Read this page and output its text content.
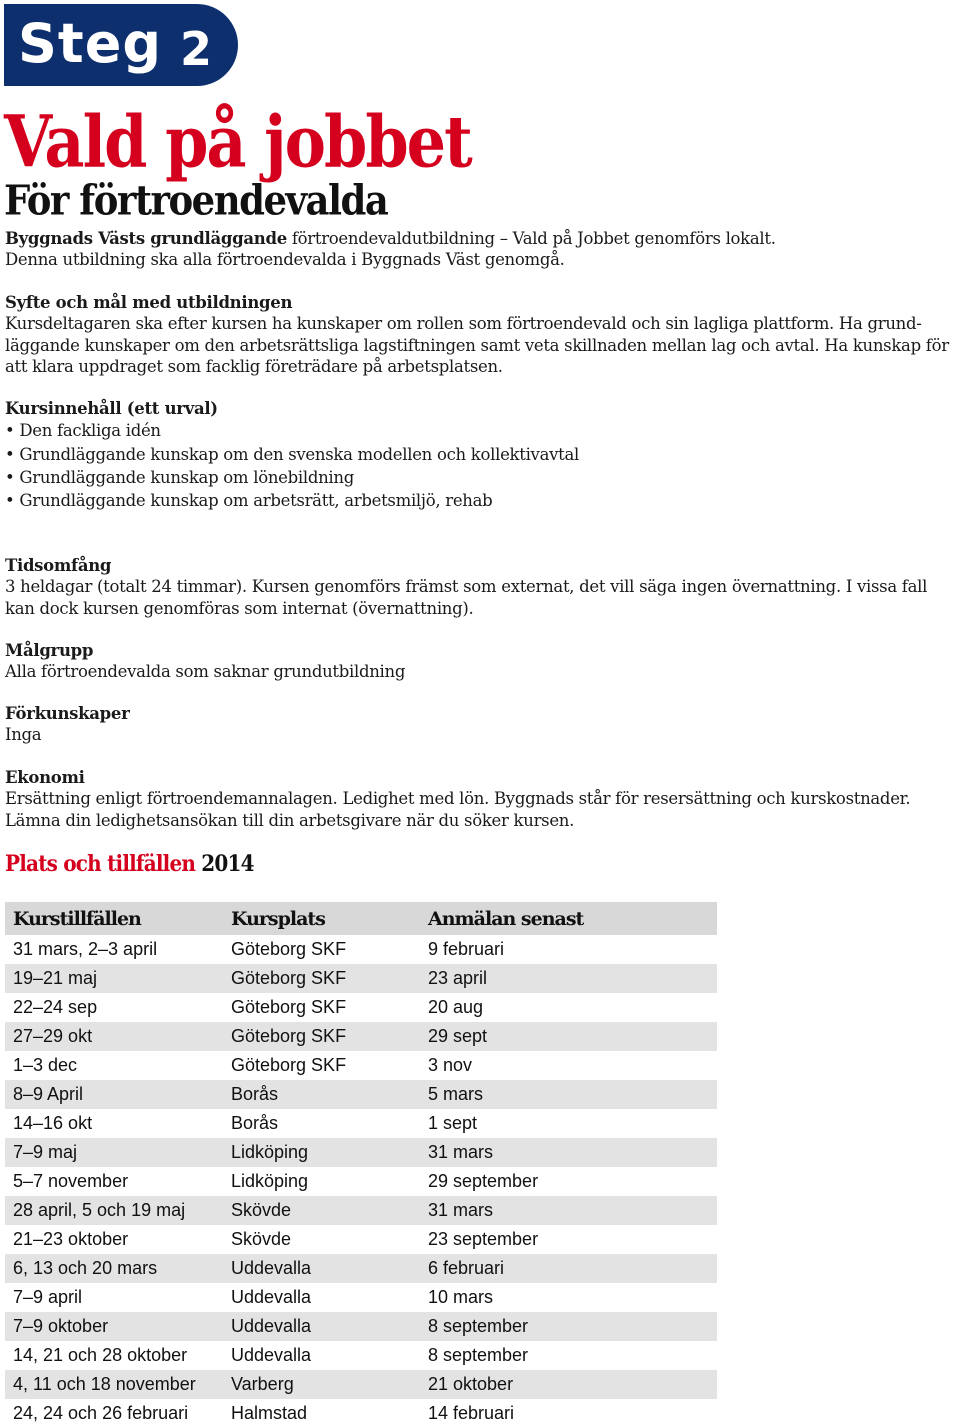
Steg 2
Vald på jobbet
För förtroendevalda
Byggnads Västs grundläggande förtroendevaldutbildning – Vald på Jobbet genomförs lokalt.
Denna utbildning ska alla förtroendevalda i Byggnads Väst genomgå.
Syfte och mål med utbildningen
Kursdeltagaren ska efter kursen ha kunskaper om rollen som förtroendevald och sin lagliga plattform. Ha grund-läggande kunskaper om den arbetsrättsliga lagstiftningen samt veta skillnaden mellan lag och avtal. Ha kunskap för att klara uppdraget som facklig företrädare på arbetsplatsen.
Kursinnehåll (ett urval)
• Den fackliga idén
• Grundläggande kunskap om den svenska modellen och kollektivavtal
• Grundläggande kunskap om lönebildning
• Grundläggande kunskap om arbetsrätt, arbetsmiljö, rehab
Tidsomfång
3 heldagar (totalt 24 timmar). Kursen genomförs främst som externat, det vill säga ingen övernattning. I vissa fall kan dock kursen genomföras som internat (övernattning).
Målgrupp
Alla förtroendevalda som saknar grundutbildning
Förkunskaper
Inga
Ekonomi
Ersättning enligt förtroendemannalagen. Ledighet med lön. Byggnads står för resersättning och kurskostnader. Lämna din ledighetsansökan till din arbetsgivare när du söker kursen.
Plats och tillfällen 2014
Kurstillfällen	Kursplats	Anmälan senast
31 mars, 2–3 april	Göteborg SKF	9 februari
19–21 maj	Göteborg SKF	23 april
22–24 sep	Göteborg SKF	20 aug
27–29 okt	Göteborg SKF	29 sept
1–3 dec	Göteborg SKF	3 nov
8–9 April	Borås	5 mars
14–16 okt	Borås	1 sept
7–9 maj	Lidköping	31 mars
5–7 november	Lidköping	29 september
28 april, 5 och 19 maj	Skövde	31 mars
21–23 oktober	Skövde	23 september
6, 13 och 20 mars	Uddevalla	6 februari
7–9 april	Uddevalla	10 mars
7–9 oktober	Uddevalla	8 september
14, 21 och 28 oktober	Uddevalla	8 september
4, 11 och 18 november	Varberg	21 oktober
24, 24 och 26 februari	Halmstad	14 februari
